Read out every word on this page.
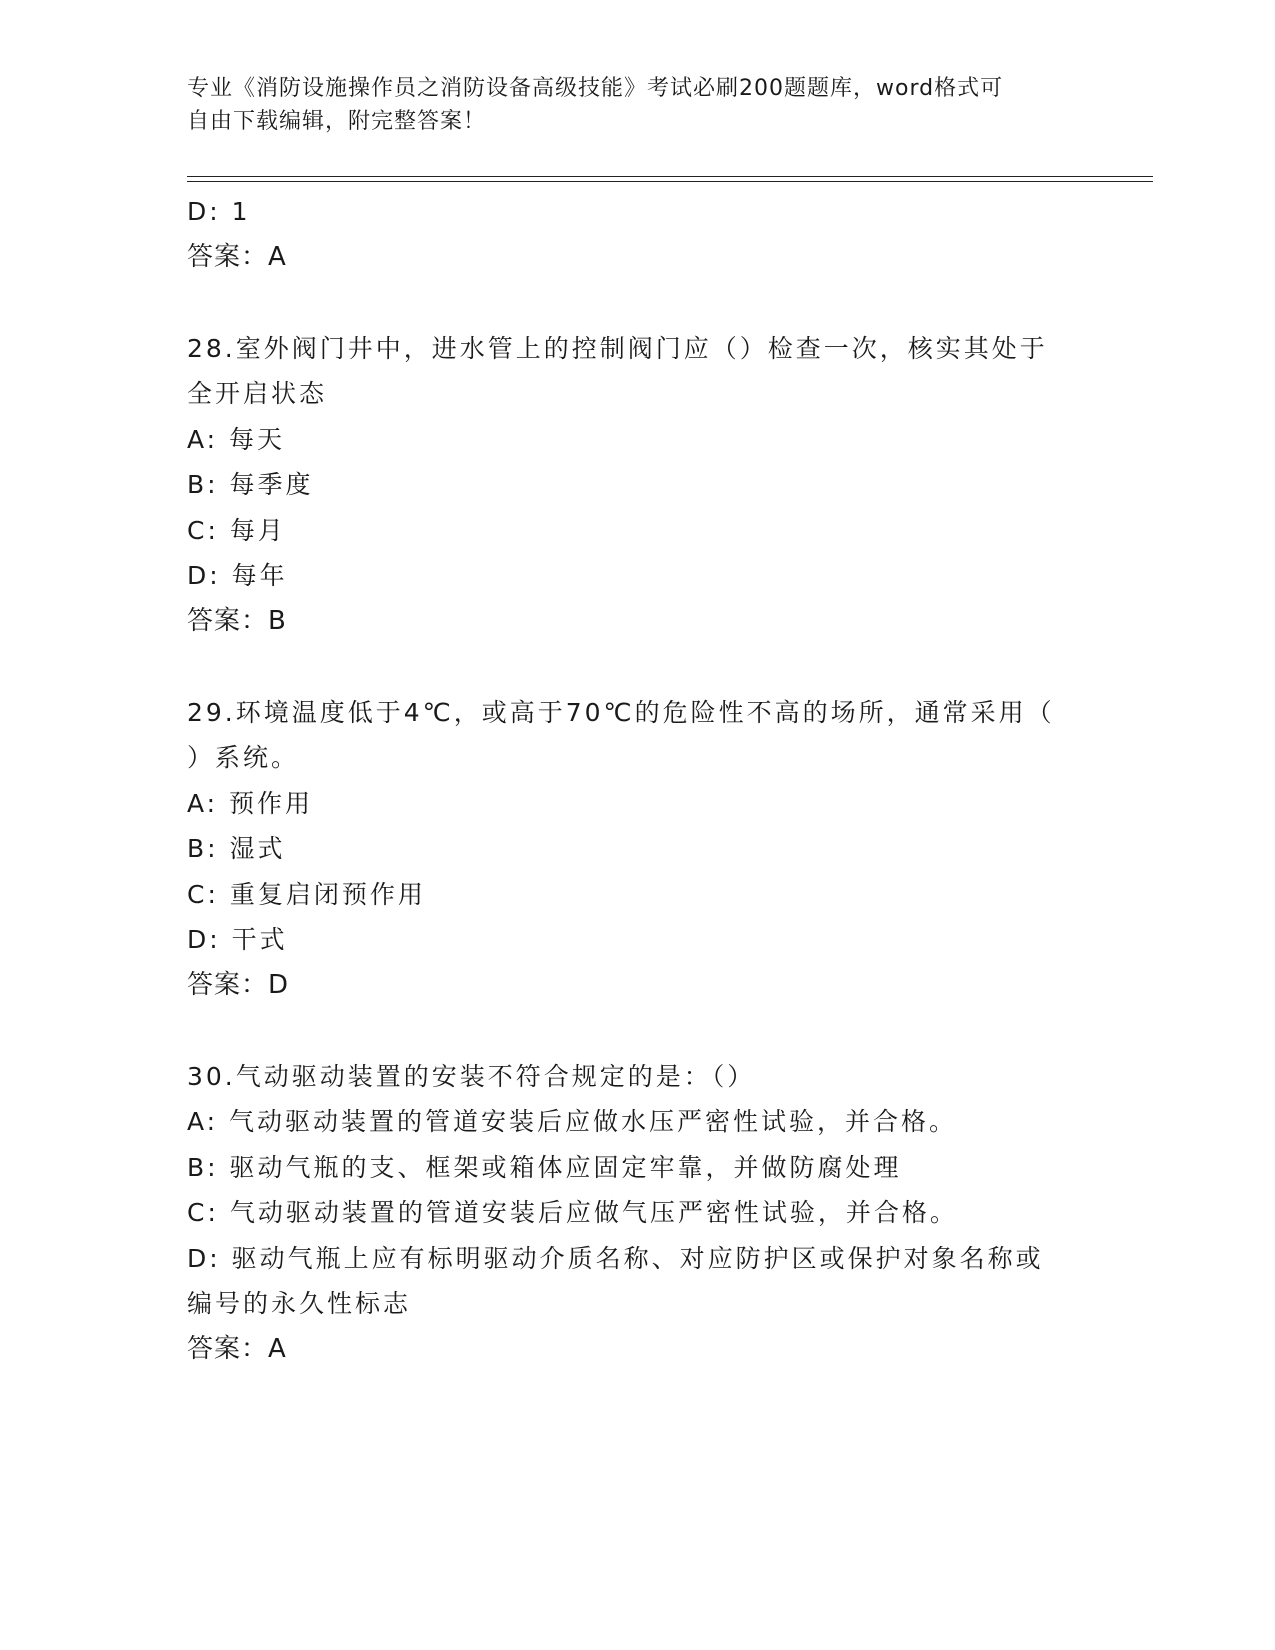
专业《消防设施操作员之消防设备高级技能》考试必刷200题题库，word格式可
自由下载编辑，附完整答案！
D: 1
答案：A
28.室外阀门井中，进水管上的控制阀门应（）检查一次，核实其处于
全开启状态
A: 每天
B: 每季度
C: 每月
D: 每年
答案：B
29.环境温度低于4℃，或高于70℃的危险性不高的场所，通常采用（
）系统。
A: 预作用
B: 湿式
C: 重复启闭预作用
D: 干式
答案：D
30.气动驱动装置的安装不符合规定的是：（）
A: 气动驱动装置的管道安装后应做水压严密性试验，并合格。
B: 驱动气瓶的支、框架或箱体应固定牢靠，并做防腐处理
C: 气动驱动装置的管道安装后应做气压严密性试验，并合格。
D: 驱动气瓶上应有标明驱动介质名称、对应防护区或保护对象名称或
编号的永久性标志
答案：A
